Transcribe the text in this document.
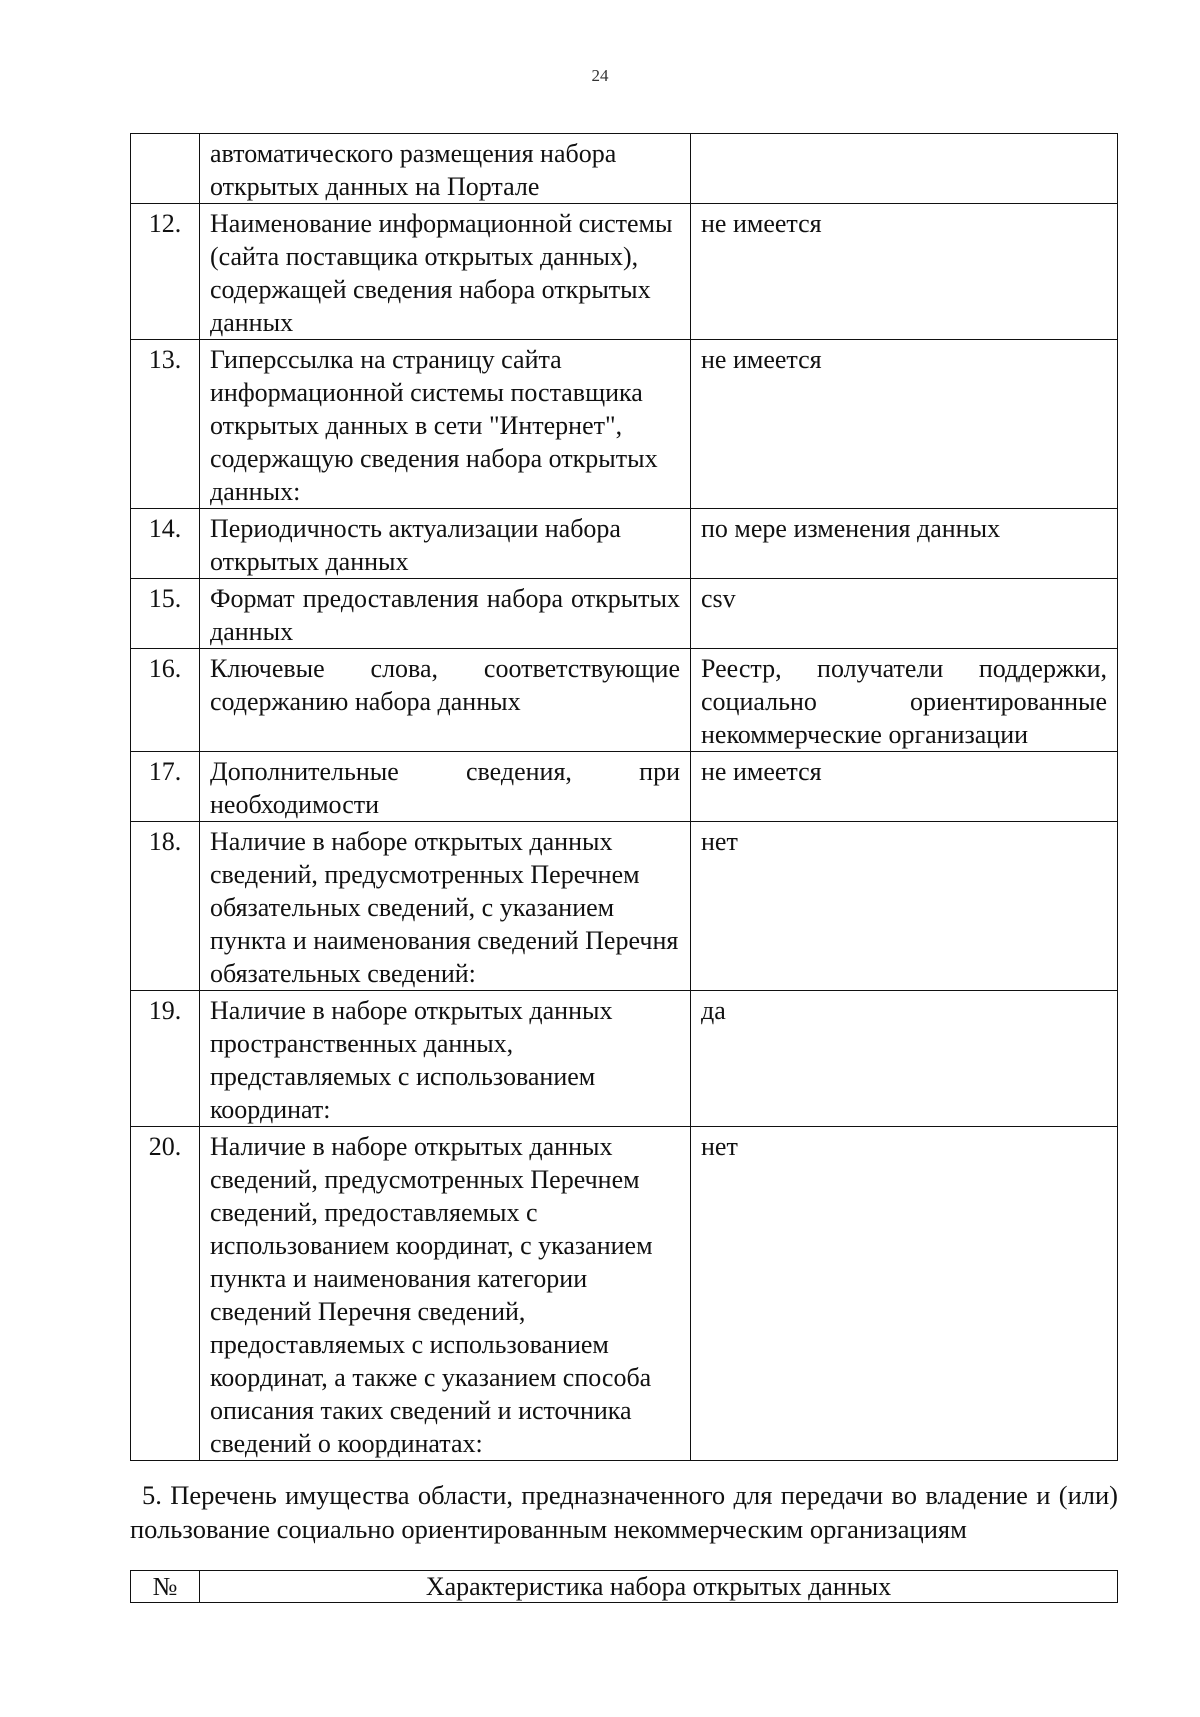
24
	автоматического размещения набора открытых данных на Портале	
12.	Наименование информационной системы (сайта поставщика открытых данных), содержащей сведения набора открытых данных	не имеется
13.	Гиперссылка на страницу сайта информационной системы поставщика открытых данных в сети "Интернет", содержащую сведения набора открытых данных:	не имеется
14.	Периодичность актуализации набора открытых данных	по мере изменения данных
15.	Формат предоставления набора открытых данных	csv
16.	Ключевые слова, соответствующие содержанию набора данных	Реестр, получатели поддержки, социально ориентированные некоммерческие организации
17.	Дополнительные сведения, при необходимости	не имеется
18.	Наличие в наборе открытых данных сведений, предусмотренных Перечнем обязательных сведений, с указанием пункта и наименования сведений Перечня обязательных сведений:	нет
19.	Наличие в наборе открытых данных пространственных данных, представляемых с использованием координат:	да
20.	Наличие в наборе открытых данных сведений, предусмотренных Перечнем сведений, предоставляемых с использованием координат, с указанием пункта и наименования категории сведений Перечня сведений, предоставляемых с использованием координат, а также с указанием способа описания таких сведений и источника сведений о координатах:	нет
5. Перечень имущества области, предназначенного для передачи во владение и (или) пользование социально ориентированным некоммерческим организациям
№	Характеристика набора открытых данных
